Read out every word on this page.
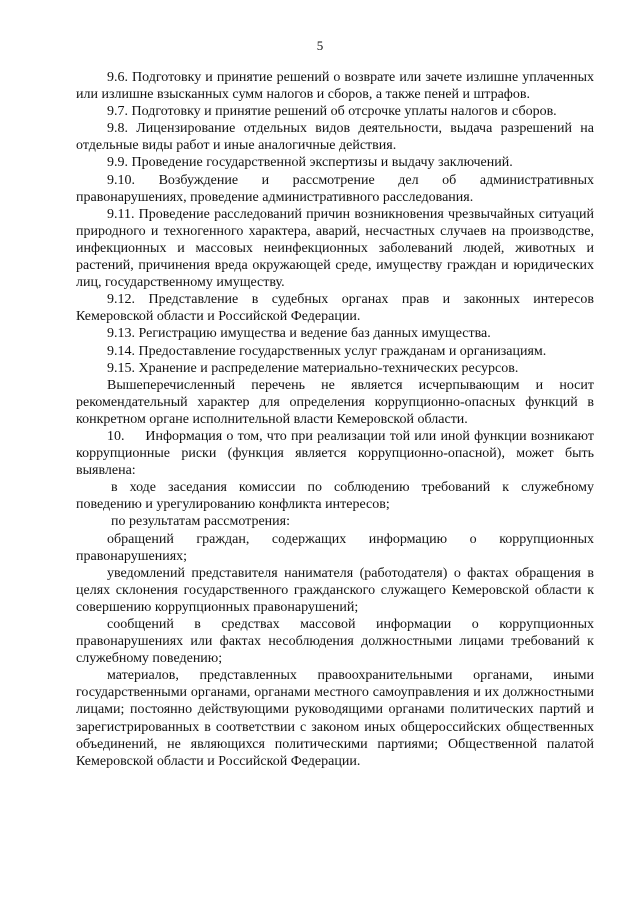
5

9.6. Подготовку и принятие решений о возврате или зачете излишне уплаченных или излишне взысканных сумм налогов и сборов, а также пеней и штрафов.

9.7. Подготовку и принятие решений об отсрочке уплаты налогов и сборов.

9.8. Лицензирование отдельных видов деятельности, выдача разрешений на отдельные виды работ и иные аналогичные действия.

9.9. Проведение государственной экспертизы и выдачу заключений.

9.10.      Возбуждение      и      рассмотрение      дел      об      административных правонарушениях, проведение административного расследования.

9.11. Проведение расследований причин возникновения чрезвычайных ситуаций природного и техногенного характера, аварий, несчастных случаев на производстве, инфекционных и массовых неинфекционных заболеваний людей, животных и растений, причинения вреда окружающей среде, имуществу граждан и юридических лиц, государственному имуществу.

9.12. Представление в судебных органах прав и законных интересов Кемеровской области и Российской Федерации.

9.13. Регистрацию имущества и ведение баз данных имущества.

9.14. Предоставление государственных услуг гражданам и организациям.

9.15. Хранение и распределение материально-технических ресурсов.

Вышеперечисленный перечень не является исчерпывающим и носит рекомендательный характер для определения коррупционно-опасных функций в конкретном органе исполнительной власти Кемеровской области.

10.     Информация о том, что при реализации той или иной функции возникают коррупционные риски (функция является коррупционно-опасной), может быть выявлена:

в ходе заседания комиссии по соблюдению требований к служебному поведению и урегулированию конфликта интересов;

по результатам рассмотрения:

обращений граждан, содержащих информацию о коррупционных правонарушениях;

уведомлений представителя нанимателя (работодателя) о фактах обращения в целях склонения государственного гражданского служащего Кемеровской области к совершению коррупционных правонарушений;

сообщений в средствах массовой информации о коррупционных правонарушениях или фактах несоблюдения должностными лицами требований к служебному поведению;

материалов, представленных правоохранительными органами, иными государственными органами, органами местного самоуправления и их должностными лицами; постоянно действующими руководящими органами политических партий и зарегистрированных в соответствии с законом иных общероссийских общественных объединений, не являющихся политическими партиями; Общественной палатой Кемеровской области и Российской Федерации.
